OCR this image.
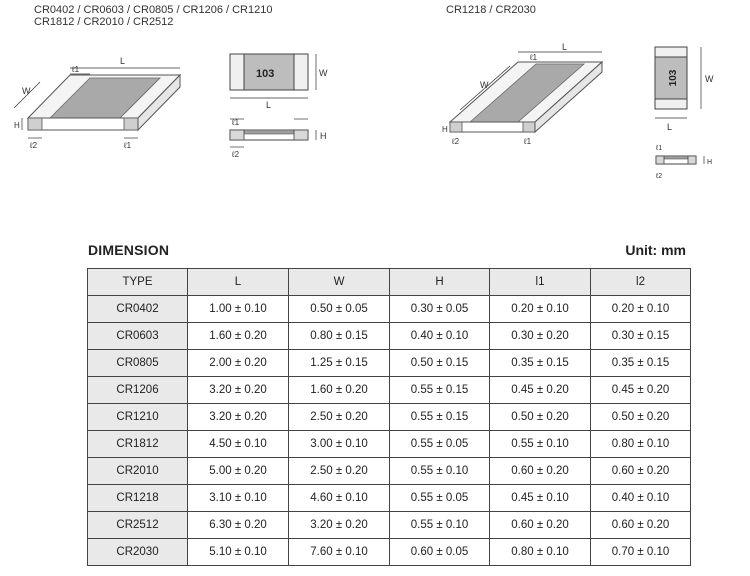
CR0402 / CR0603 / CR0805 / CR1206 / CR1210
CR1812 / CR2010 / CR2512
CR1218 / CR2030
L
ℓ1
W
H
ℓ2	ℓ1
103	W
L
ℓ1
H
ℓ2
L
ℓ1
W
H
ℓ2	ℓ1
103	W
L
H
ℓ1
ℓ2
DIMENSION	Unit: mm
TYPE	L	W	H	l1	l2
CR0402	1.00 ± 0.10	0.50 ± 0.05	0.30 ± 0.05	0.20 ± 0.10	0.20 ± 0.10
CR0603	1.60 ± 0.20	0.80 ± 0.15	0.40 ± 0.10	0.30 ± 0.20	0.30 ± 0.15
CR0805	2.00 ± 0.20	1.25 ± 0.15	0.50 ± 0.15	0.35 ± 0.15	0.35 ± 0.15
CR1206	3.20 ± 0.20	1.60 ± 0.20	0.55 ± 0.15	0.45 ± 0.20	0.45 ± 0.20
CR1210	3.20 ± 0.20	2.50 ± 0.20	0.55 ± 0.15	0.50 ± 0.20	0.50 ± 0.20
CR1812	4.50 ± 0.10	3.00 ± 0.10	0.55 ± 0.05	0.55 ± 0.10	0.80 ± 0.10
CR2010	5.00 ± 0.20	2.50 ± 0.20	0.55 ± 0.10	0.60 ± 0.20	0.60 ± 0.20
CR1218	3.10 ± 0.10	4.60 ± 0.10	0.55 ± 0.05	0.45 ± 0.10	0.40 ± 0.10
CR2512	6.30 ± 0.20	3.20 ± 0.20	0.55 ± 0.10	0.60 ± 0.20	0.60 ± 0.20
CR2030	5.10 ± 0.10	7.60 ± 0.10	0.60 ± 0.05	0.80 ± 0.10	0.70 ± 0.10
